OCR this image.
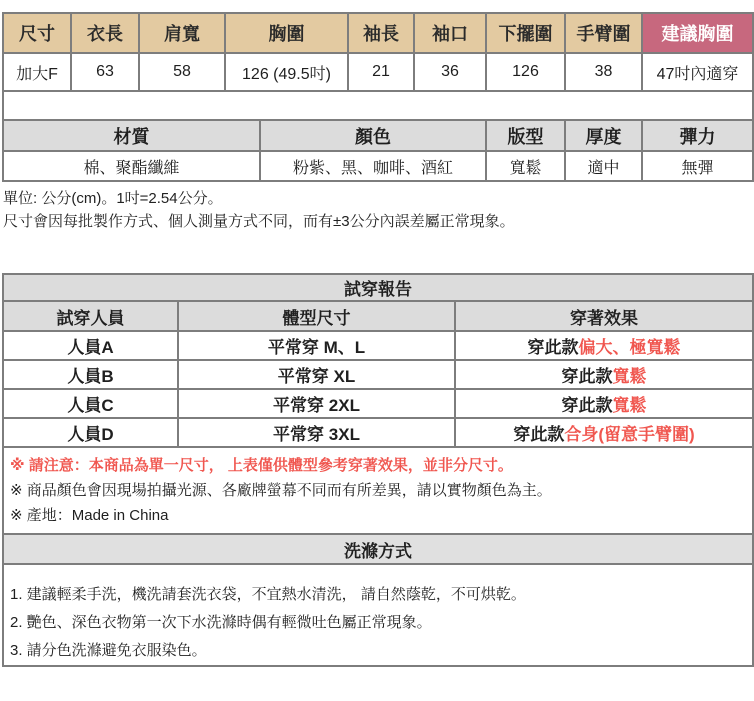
尺寸	衣長	肩寬	胸圍	袖長	袖口	下擺圍	手臂圍	建議胸圍
加大F	63	58	126 (49.5吋)	21	36	126	38	47吋內適穿

材質	顏色	版型	厚度	彈力
棉、聚酯纖維	粉紫、黑、咖啡、酒紅	寬鬆	適中	無彈
單位: 公分(cm)。1吋=2.54公分。
尺寸會因每批製作方式、個人測量方式不同，而有±3公分內誤差屬正常現象。
試穿報告		
試穿人員	體型尺寸	穿著效果
人員A	平常穿 M、L	穿此款偏大、極寬鬆
人員B	平常穿 XL	穿此款寬鬆
人員C	平常穿 2XL	穿此款寬鬆
人員D	平常穿 3XL	穿此款合身(留意手臂圍)

※ 請注意：本商品為單一尺寸， 上表僅供體型參考穿著效果，並非分尺寸。
※ 商品顏色會因現場拍攝光源、各廠牌螢幕不同而有所差異，請以實物顏色為主。
※ 產地：Made in China		

洗滌方式		

1. 建議輕柔手洗，機洗請套洗衣袋，不宜熱水清洗， 請自然蔭乾，不可烘乾。
2. 艷色、深色衣物第一次下水洗滌時偶有輕微吐色屬正常現象。
3. 請分色洗滌避免衣服染色。		
